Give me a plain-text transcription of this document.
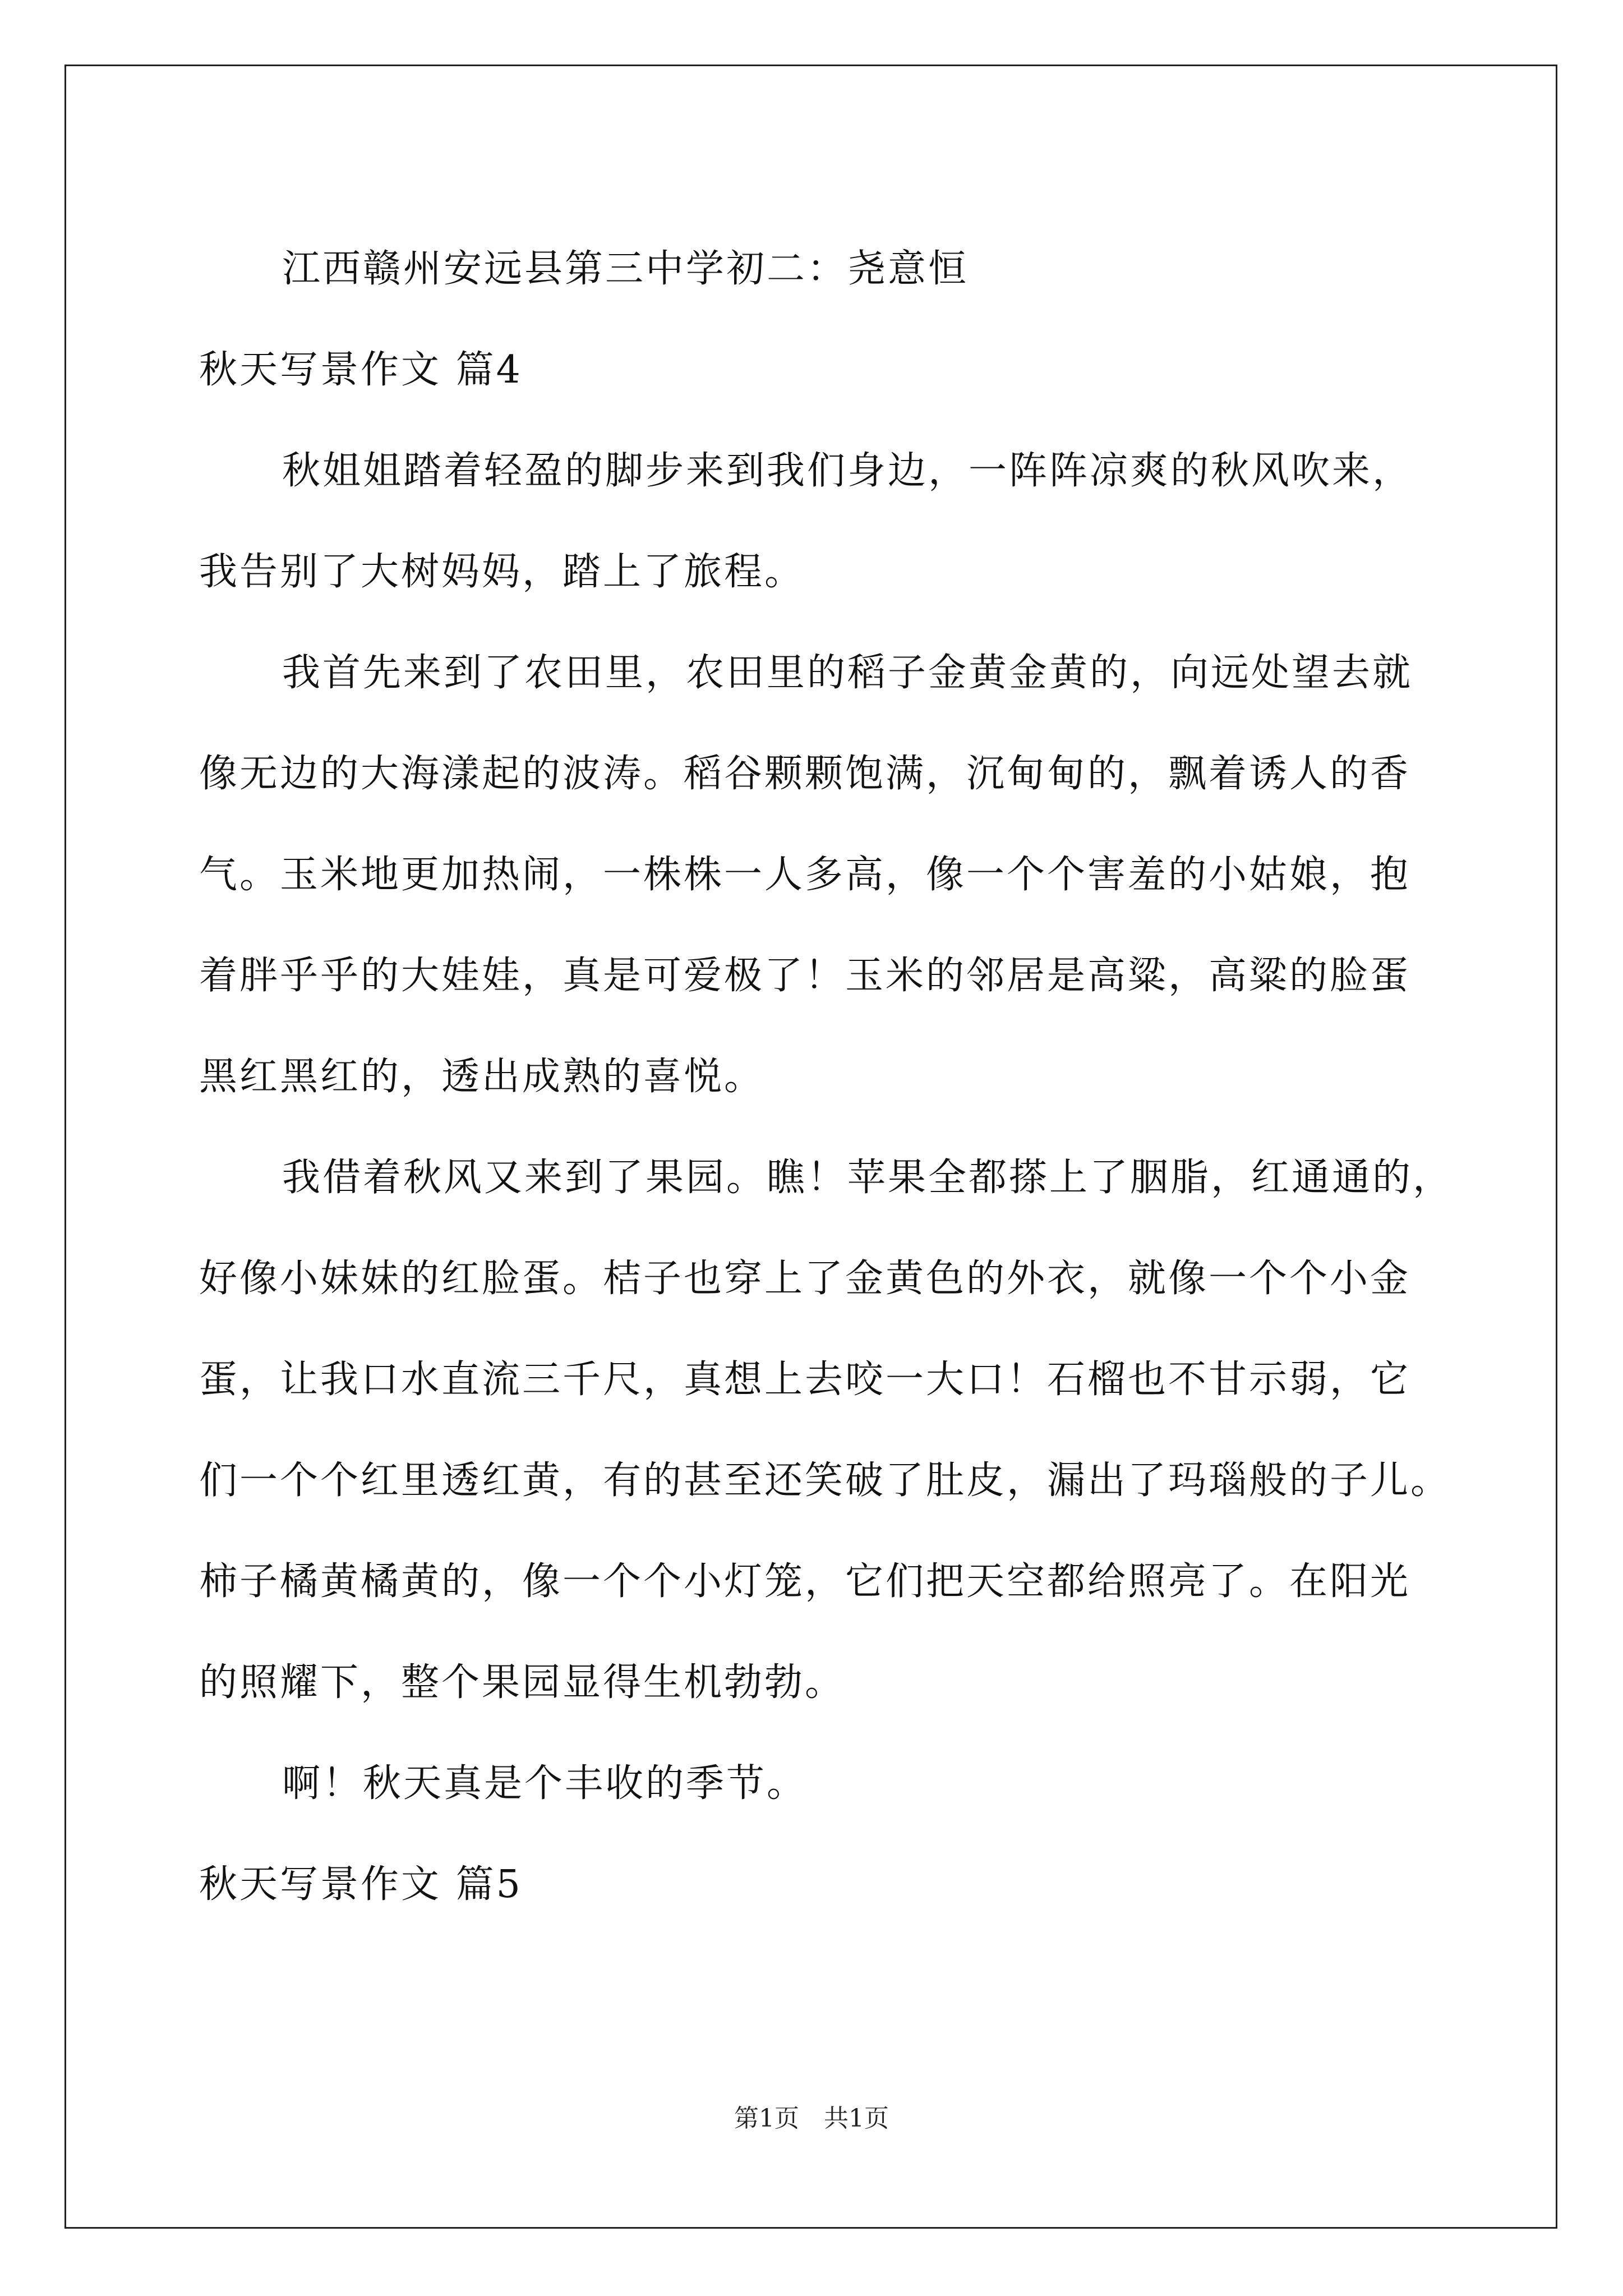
江西赣州安远县第三中学初二：尧意恒

秋天写景作文 篇4

秋姐姐踏着轻盈的脚步来到我们身边，一阵阵凉爽的秋风吹来，

我告别了大树妈妈，踏上了旅程。

我首先来到了农田里，农田里的稻子金黄金黄的，向远处望去就

像无边的大海漾起的波涛。稻谷颗颗饱满，沉甸甸的，飘着诱人的香

气。玉米地更加热闹，一株株一人多高，像一个个害羞的小姑娘，抱

着胖乎乎的大娃娃，真是可爱极了！玉米的邻居是高粱，高粱的脸蛋

黑红黑红的，透出成熟的喜悦。

我借着秋风又来到了果园。瞧！苹果全都搽上了胭脂，红通通的，

好像小妹妹的红脸蛋。桔子也穿上了金黄色的外衣，就像一个个小金

蛋，让我口水直流三千尺，真想上去咬一大口！石榴也不甘示弱，它

们一个个红里透红黄，有的甚至还笑破了肚皮，漏出了玛瑙般的子儿。

柿子橘黄橘黄的，像一个个小灯笼，它们把天空都给照亮了。在阳光

的照耀下，整个果园显得生机勃勃。

啊！秋天真是个丰收的季节。

秋天写景作文 篇5

第1页　共1页
